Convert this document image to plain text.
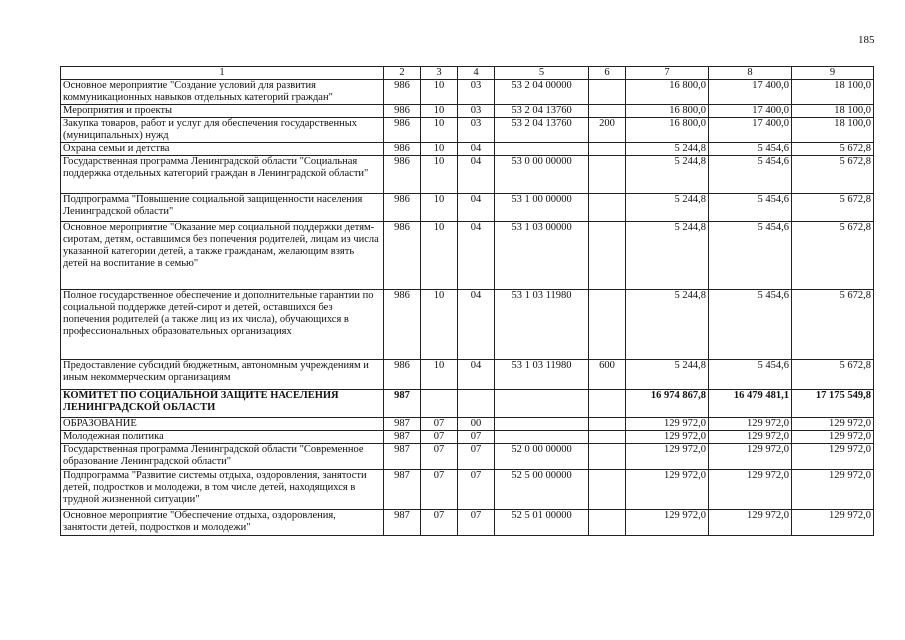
185
1	2	3	4	5	6	7	8	9
Основное мероприятие "Создание условий для развития коммуникационных навыков отдельных категорий граждан"	986	10	03	53 2 04 00000		16 800,0	17 400,0	18 100,0
Мероприятия и проекты	986	10	03	53 2 04 13760		16 800,0	17 400,0	18 100,0
Закупка товаров, работ и услуг для обеспечения государственных (муниципальных) нужд	986	10	03	53 2 04 13760	200	16 800,0	17 400,0	18 100,0
Охрана семьи и детства	986	10	04			5 244,8	5 454,6	5 672,8
Государственная программа Ленинградской области "Социальная поддержка отдельных категорий граждан в Ленинградской области"	986	10	04	53 0 00 00000		5 244,8	5 454,6	5 672,8
Подпрограмма "Повышение социальной защищенности населения Ленинградской области"	986	10	04	53 1 00 00000		5 244,8	5 454,6	5 672,8
Основное мероприятие "Оказание мер социальной поддержки детям-сиротам, детям, оставшимся без попечения родителей, лицам из числа указанной категории детей, а также гражданам, желающим взять детей на воспитание в семью"	986	10	04	53 1 03 00000		5 244,8	5 454,6	5 672,8
Полное государственное обеспечение и дополнительные гарантии по социальной поддержке детей-сирот и детей, оставшихся без попечения родителей (а также лиц из их числа), обучающихся в профессиональных образовательных организациях	986	10	04	53 1 03 11980		5 244,8	5 454,6	5 672,8
Предоставление субсидий бюджетным, автономным учреждениям и иным некоммерческим организациям	986	10	04	53 1 03 11980	600	5 244,8	5 454,6	5 672,8
КОМИТЕТ ПО СОЦИАЛЬНОЙ ЗАЩИТЕ НАСЕЛЕНИЯ ЛЕНИНГРАДСКОЙ ОБЛАСТИ	987					16 974 867,8	16 479 481,1	17 175 549,8
ОБРАЗОВАНИЕ	987	07	00			129 972,0	129 972,0	129 972,0
Молодежная политика	987	07	07			129 972,0	129 972,0	129 972,0
Государственная программа Ленинградской области "Современное образование Ленинградской области"	987	07	07	52 0 00 00000		129 972,0	129 972,0	129 972,0
Подпрограмма "Развитие системы отдыха, оздоровления, занятости детей, подростков и молодежи, в том числе детей, находящихся в трудной жизненной ситуации"	987	07	07	52 5 00 00000		129 972,0	129 972,0	129 972,0
Основное мероприятие "Обеспечение отдыха, оздоровления, занятости детей, подростков и молодежи"	987	07	07	52 5 01 00000		129 972,0	129 972,0	129 972,0
